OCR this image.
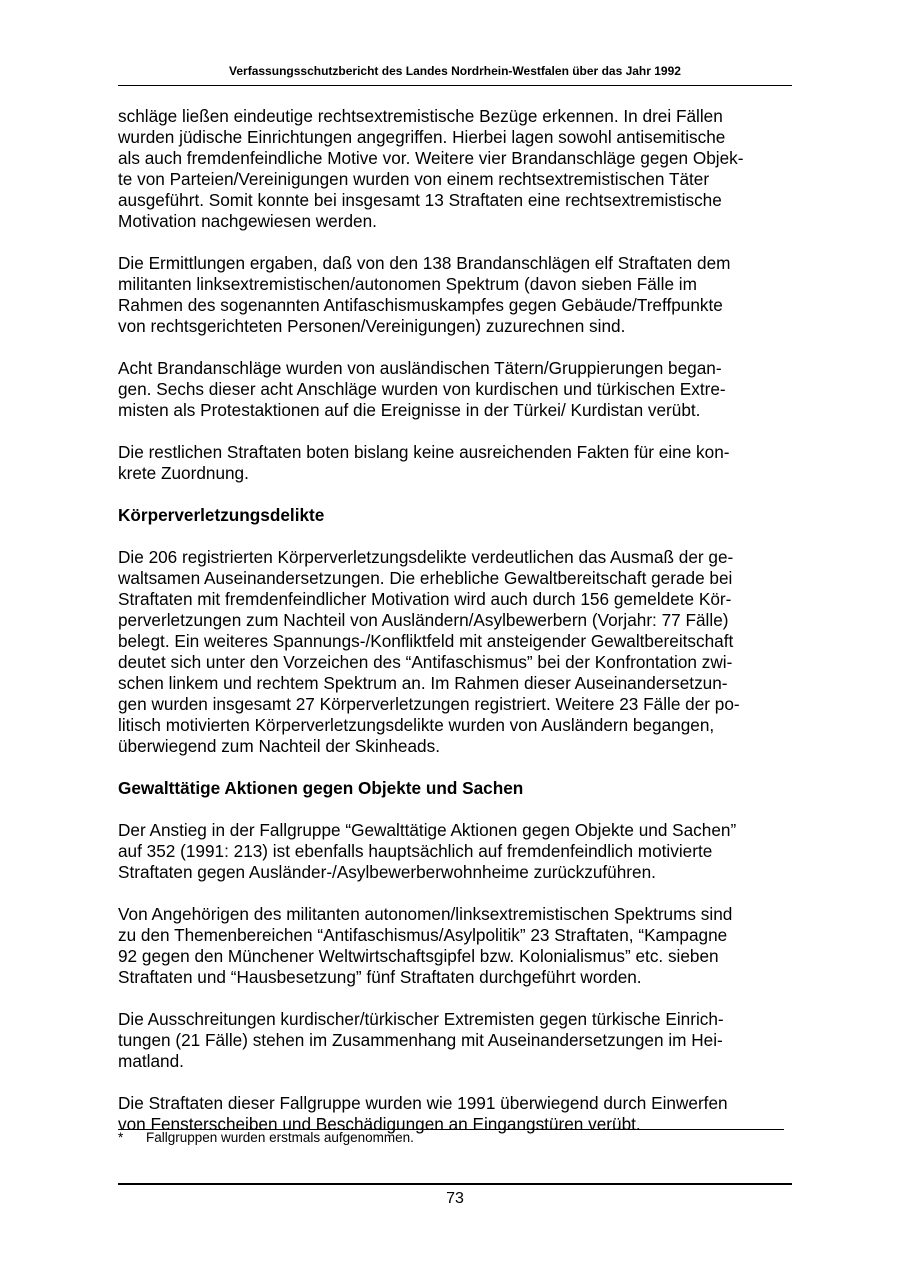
Verfassungsschutzbericht des Landes Nordrhein-Westfalen über das Jahr 1992

schläge ließen eindeutige rechtsextremistische Bezüge erkennen. In drei Fällen
wurden jüdische Einrichtungen angegriffen. Hierbei lagen sowohl antisemitische
als auch fremdenfeindliche Motive vor. Weitere vier Brandanschläge gegen Objek-
te von Parteien/Vereinigungen wurden von einem rechtsextremistischen Täter
ausgeführt. Somit konnte bei insgesamt 13 Straftaten eine rechtsextremistische
Motivation nachgewiesen werden.

Die Ermittlungen ergaben, daß von den 138 Brandanschlägen elf Straftaten dem
militanten linksextremistischen/autonomen Spektrum (davon sieben Fälle im
Rahmen des sogenannten Antifaschismuskampfes gegen Gebäude/Treffpunkte
von rechtsgerichteten Personen/Vereinigungen) zuzurechnen sind.

Acht Brandanschläge wurden von ausländischen Tätern/Gruppierungen began-
gen. Sechs dieser acht Anschläge wurden von kurdischen und türkischen Extre-
misten als Protestaktionen auf die Ereignisse in der Türkei/ Kurdistan verübt.

Die restlichen Straftaten boten bislang keine ausreichenden Fakten für eine kon-
krete Zuordnung.

Körperverletzungsdelikte

Die 206 registrierten Körperverletzungsdelikte verdeutlichen das Ausmaß der ge-
waltsamen Auseinandersetzungen. Die erhebliche Gewaltbereitschaft gerade bei
Straftaten mit fremdenfeindlicher Motivation wird auch durch 156 gemeldete Kör-
perverletzungen zum Nachteil von Ausländern/Asylbewerbern (Vorjahr: 77 Fälle)
belegt. Ein weiteres Spannungs-/Konfliktfeld mit ansteigender Gewaltbereitschaft
deutet sich unter den Vorzeichen des “Antifaschismus” bei der Konfrontation zwi-
schen linkem und rechtem Spektrum an. Im Rahmen dieser Auseinandersetzun-
gen wurden insgesamt 27 Körperverletzungen registriert. Weitere 23 Fälle der po-
litisch motivierten Körperverletzungsdelikte wurden von Ausländern begangen,
überwiegend zum Nachteil der Skinheads.

Gewalttätige Aktionen gegen Objekte und Sachen

Der Anstieg in der Fallgruppe “Gewalttätige Aktionen gegen Objekte und Sachen”
auf 352 (1991: 213) ist ebenfalls hauptsächlich auf fremdenfeindlich motivierte
Straftaten gegen Ausländer-/Asylbewerberwohnheime zurückzuführen.

Von Angehörigen des militanten autonomen/linksextremistischen Spektrums sind
zu den Themenbereichen “Antifaschismus/Asylpolitik” 23 Straftaten, “Kampagne
92 gegen den Münchener Weltwirtschaftsgipfel bzw. Kolonialismus” etc. sieben
Straftaten und “Hausbesetzung” fünf Straftaten durchgeführt worden.

Die Ausschreitungen kurdischer/türkischer Extremisten gegen türkische Einrich-
tungen (21 Fälle) stehen im Zusammenhang mit Auseinandersetzungen im Hei-
matland.

Die Straftaten dieser Fallgruppe wurden wie 1991 überwiegend durch Einwerfen
von Fensterscheiben und Beschädigungen an Eingangstüren verübt.

* Fallgruppen wurden erstmals aufgenommen.
73
